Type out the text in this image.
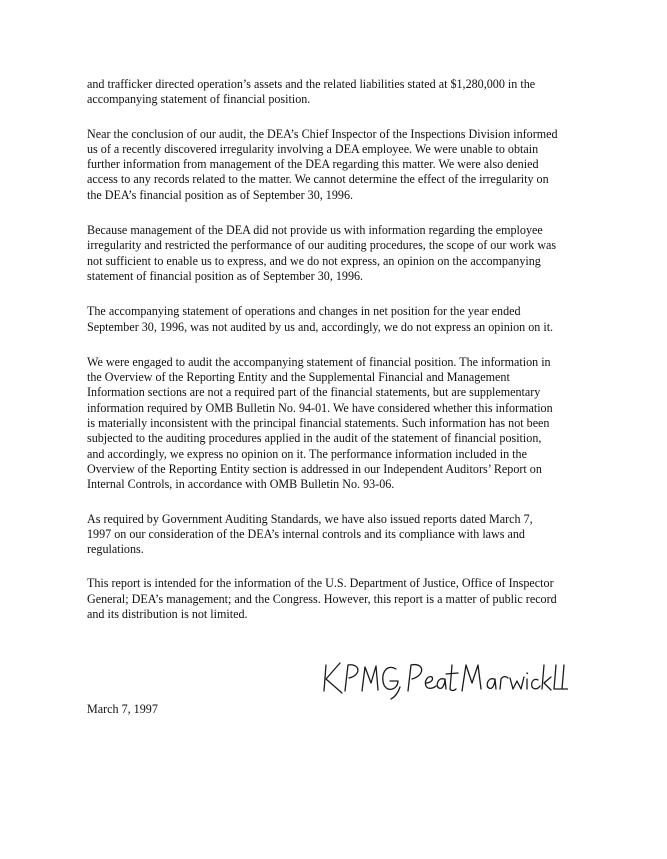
and trafficker directed operation’s assets and the related liabilities stated at $1,280,000 in the accompanying statement of financial position.

Near the conclusion of our audit, the DEA’s Chief Inspector of the Inspections Division informed us of a recently discovered irregularity involving a DEA employee. We were unable to obtain further information from management of the DEA regarding this matter. We were also denied access to any records related to the matter. We cannot determine the effect of the irregularity on the DEA’s financial position as of September 30, 1996.

Because management of the DEA did not provide us with information regarding the employee irregularity and restricted the performance of our auditing procedures, the scope of our work was not sufficient to enable us to express, and we do not express, an opinion on the accompanying statement of financial position as of September 30, 1996.

The accompanying statement of operations and changes in net position for the year ended September 30, 1996, was not audited by us and, accordingly, we do not express an opinion on it.

We were engaged to audit the accompanying statement of financial position. The information in the Overview of the Reporting Entity and the Supplemental Financial and Management Information sections are not a required part of the financial statements, but are supplementary information required by OMB Bulletin No. 94-01. We have considered whether this information is materially inconsistent with the principal financial statements. Such information has not been subjected to the auditing procedures applied in the audit of the statement of financial position, and accordingly, we express no opinion on it. The performance information included in the Overview of the Reporting Entity section is addressed in our Independent Auditors’ Report on Internal Controls, in accordance with OMB Bulletin No. 93-06.

As required by Government Auditing Standards, we have also issued reports dated March 7, 1997 on our consideration of the DEA’s internal controls and its compliance with laws and regulations.

This report is intended for the information of the U.S. Department of Justice, Office of Inspector General; DEA’s management; and the Congress. However, this report is a matter of public record and its distribution is not limited.

March 7, 1997
